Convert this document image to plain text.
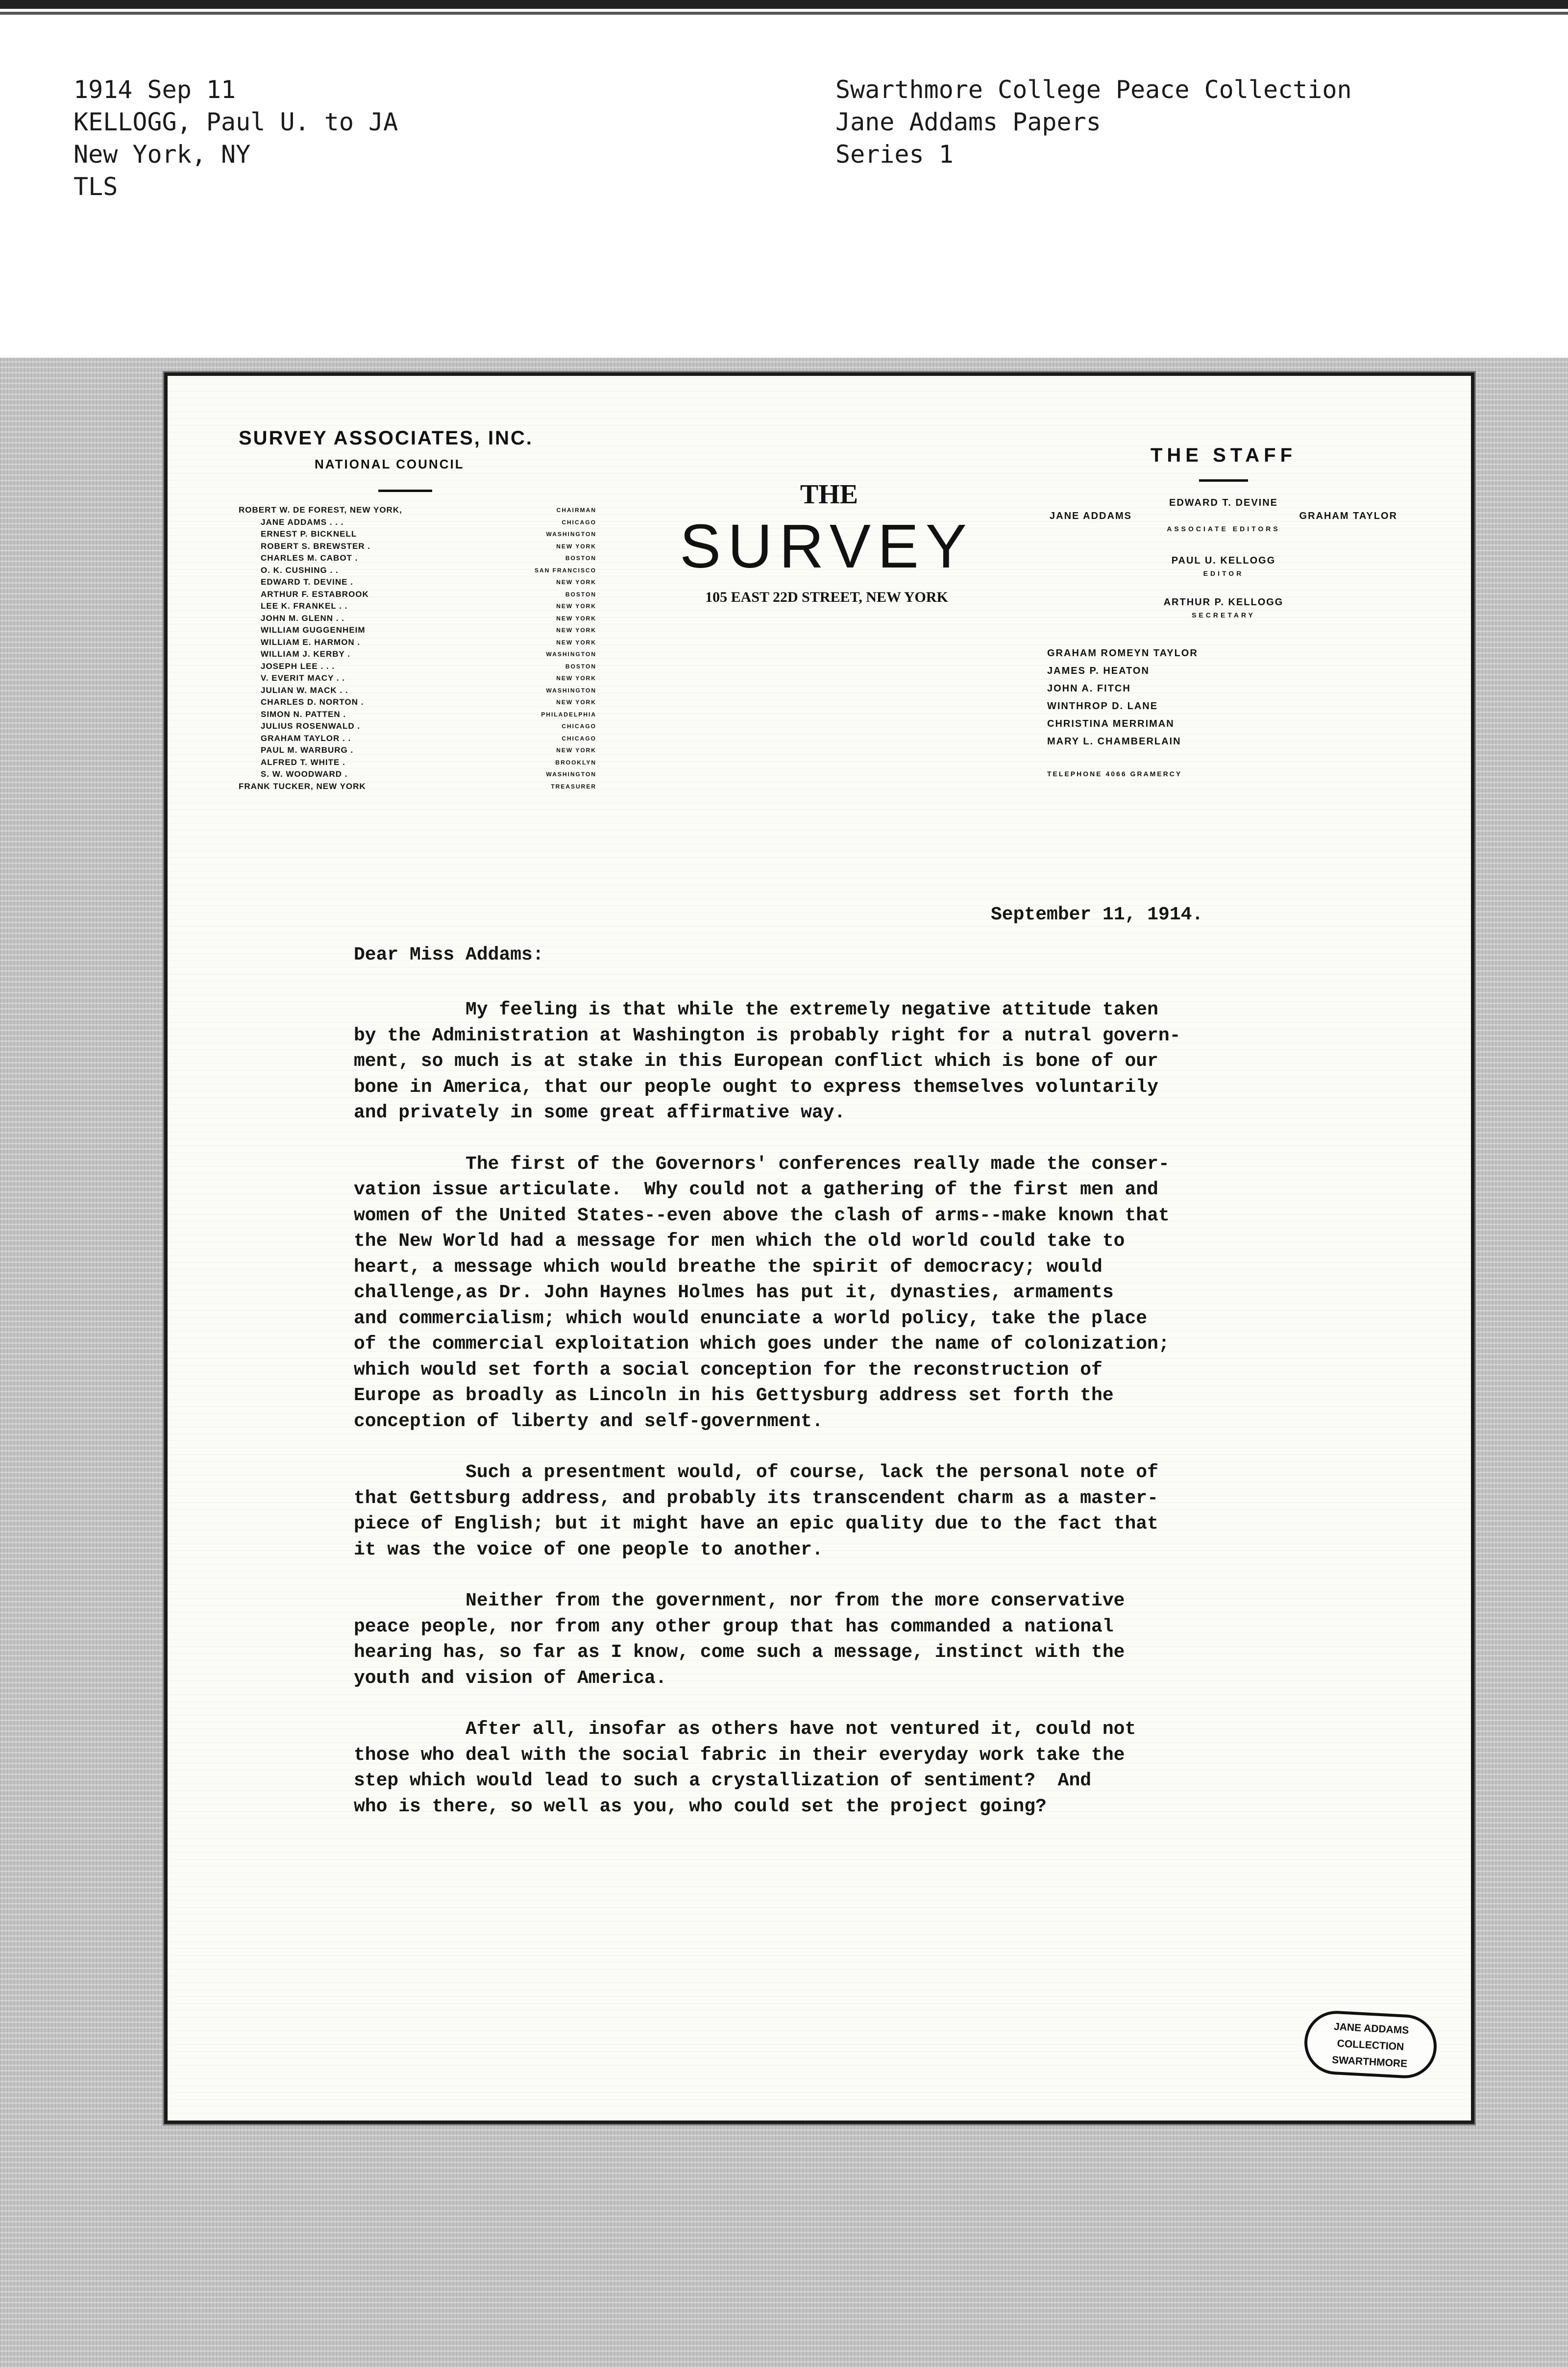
1914 Sep 11
KELLOGG, Paul U. to JA
New York, NY
TLS
Swarthmore College Peace Collection
Jane Addams Papers
Series 1
SURVEY ASSOCIATES, INC.
NATIONAL COUNCIL
ROBERT W. DE FOREST, NEW YORK,	CHAIRMAN
JANE ADDAMS . . .	CHICAGO
ERNEST P. BICKNELL	WASHINGTON
ROBERT S. BREWSTER .	NEW YORK
CHARLES M. CABOT .	BOSTON
O. K. CUSHING . .	SAN FRANCISCO
EDWARD T. DEVINE .	NEW YORK
ARTHUR F. ESTABROOK	BOSTON
LEE K. FRANKEL . .	NEW YORK
JOHN M. GLENN . .	NEW YORK
WILLIAM GUGGENHEIM	NEW YORK
WILLIAM E. HARMON .	NEW YORK
WILLIAM J. KERBY .	WASHINGTON
JOSEPH LEE . . .	BOSTON
V. EVERIT MACY . .	NEW YORK
JULIAN W. MACK . .	WASHINGTON
CHARLES D. NORTON .	NEW YORK
SIMON N. PATTEN .	PHILADELPHIA
JULIUS ROSENWALD .	CHICAGO
GRAHAM TAYLOR . .	CHICAGO
PAUL M. WARBURG .	NEW YORK
ALFRED T. WHITE .	BROOKLYN
S. W. WOODWARD .	WASHINGTON
FRANK TUCKER, NEW YORK	TREASURER
THE
SURVEY
105 EAST 22D STREET, NEW YORK
THE STAFF
EDWARD T. DEVINE
JANE ADDAMS	GRAHAM TAYLOR
ASSOCIATE EDITORS
PAUL U. KELLOGG
EDITOR
ARTHUR P. KELLOGG
SECRETARY
GRAHAM ROMEYN TAYLOR
JAMES P. HEATON
JOHN A. FITCH
WINTHROP D. LANE
CHRISTINA MERRIMAN
MARY L. CHAMBERLAIN
TELEPHONE 4066 GRAMERCY
September 11, 1914.
Dear Miss Addams:
My feeling is that while the extremely negative attitude taken
by the Administration at Washington is probably right for a nutral govern-
ment, so much is at stake in this European conflict which is bone of our
bone in America, that our people ought to express themselves voluntarily
and privately in some great affirmative way.
The first of the Governors' conferences really made the conser-
vation issue articulate.  Why could not a gathering of the first men and
women of the United States--even above the clash of arms--make known that
the New World had a message for men which the old world could take to
heart, a message which would breathe the spirit of democracy; would
challenge,as Dr. John Haynes Holmes has put it, dynasties, armaments
and commercialism; which would enunciate a world policy, take the place
of the commercial exploitation which goes under the name of colonization;
which would set forth a social conception for the reconstruction of
Europe as broadly as Lincoln in his Gettysburg address set forth the
conception of liberty and self-government.
Such a presentment would, of course, lack the personal note of
that Gettsburg address, and probably its transcendent charm as a master-
piece of English; but it might have an epic quality due to the fact that
it was the voice of one people to another.
Neither from the government, nor from the more conservative
peace people, nor from any other group that has commanded a national
hearing has, so far as I know, come such a message, instinct with the
youth and vision of America.
After all, insofar as others have not ventured it, could not
those who deal with the social fabric in their everyday work take the
step which would lead to such a crystallization of sentiment?  And
who is there, so well as you, who could set the project going?
JANE ADDAMS
COLLECTION
SWARTHMORE
